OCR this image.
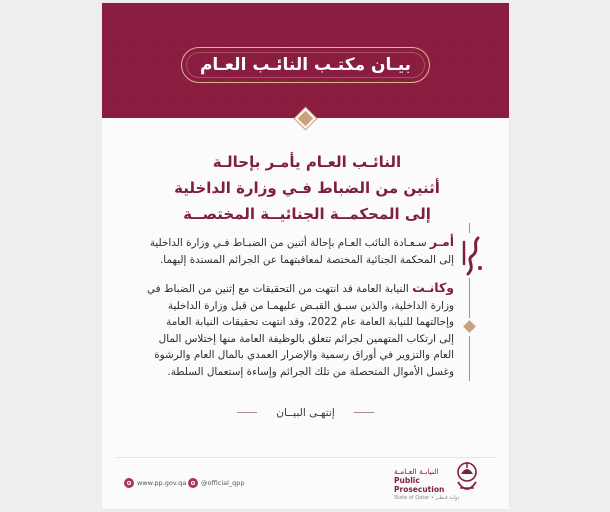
بيـان مكتـب النائـب العـام
النائـب العـام يأمـر بإحالـة
أثنين من الضباط فـي وزارة الداخلية
إلى المحكمــة الجنائيــة المختصــة
أمـر سـعـادة النائب العـام بإحالة أثنين من الضبـاط فـي وزارة الداخلية
إلى المحكمة الجنائية المختصة لمعاقبتهما عن الجرائم المسندة إليهما.
وكانـت النيابة العامة قد انتهت من التحقيقات مع إثنين من الضباط في
وزارة الداخلية، والذين سبـق القبـض عليهمـا من قبل وزارة الداخلية
وإحالتهما للنيابة العامة عام 2022، وقد انتهت تحقيقات النيابة العامة
إلى ارتكاب المتهمين لجرائم تتعلق بالوظيفة العامة منها إختلاس المال
العام والتزوير في أوراق رسمية والإضرار العمدي بالمال العام والرشوة
وغسل الأموال المتحصلة من تلك الجرائم وإساءة إستعمال السلطة.
إنتهـى البيــان
www.pp.gov.qa @official_qpp
النيابـة العـامـة
Public Prosecution
State of Qatar • دولـة قـطـر
